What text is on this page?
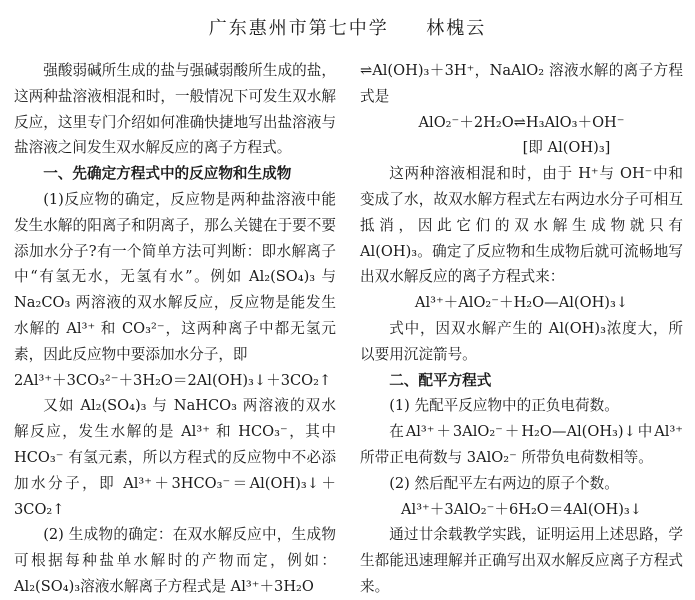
广东惠州市第七中学 林槐云

强酸弱碱所生成的盐与强碱弱酸所生成的盐，这两种盐溶液相混和时，一般情况下可发生双水解反应，这里专门介绍如何准确快捷地写出盐溶液与盐溶液之间发生双水解反应的离子方程式。

一、先确定方程式中的反应物和生成物

(1)反应物的确定，反应物是两种盐溶液中能发生水解的阳离子和阴离子，那么关键在于要不要添加水分子?有一个简单方法可判断：即水解离子中“有氢无水，无氢有水”。例如 Al₂(SO₄)₃ 与 Na₂CO₃ 两溶液的双水解反应，反应物是能发生水解的 Al³⁺ 和 CO₃²⁻，这两种离子中都无氢元素，因此反应物中要添加水分子，即

2Al³⁺＋3CO₃²⁻＋3H₂O＝2Al(OH)₃↓＋3CO₂↑

又如 Al₂(SO₄)₃ 与 NaHCO₃ 两溶液的双水解反应，发生水解的是 Al³⁺ 和 HCO₃⁻，其中 HCO₃⁻ 有氢元素，所以方程式的反应物中不必添加水分子，即 Al³⁺＋3HCO₃⁻＝Al(OH)₃↓＋3CO₂↑

(2) 生成物的确定：在双水解反应中，生成物可根据每种盐单水解时的产物而定，例如：Al₂(SO₄)₃溶液水解离子方程式是 Al³⁺＋3H₂O

⇌Al(OH)₃＋3H⁺，NaAlO₂ 溶液水解的离子方程式是

AlO₂⁻＋2H₂O⇌H₃AlO₃＋OH⁻

[即 Al(OH)₃]

这两种溶液相混和时，由于 H⁺与 OH⁻中和变成了水，故双水解方程式左右两边水分子可相互抵消，因此它们的双水解生成物就只有 Al(OH)₃。确定了反应物和生成物后就可流畅地写出双水解反应的离子方程式来：

Al³⁺＋AlO₂⁻＋H₂O—Al(OH)₃↓

式中，因双水解产生的 Al(OH)₃浓度大，所以要用沉淀箭号。

二、配平方程式

(1) 先配平反应物中的正负电荷数。

在Al³⁺＋3AlO₂⁻＋H₂O—Al(OH₃)↓中Al³⁺所带正电荷数与 3AlO₂⁻ 所带负电荷数相等。

(2) 然后配平左右两边的原子个数。

Al³⁺＋3AlO₂⁻＋6H₂O＝4Al(OH)₃↓

通过廿余载教学实践，证明运用上述思路，学生都能迅速理解并正确写出双水解反应离子方程式来。
